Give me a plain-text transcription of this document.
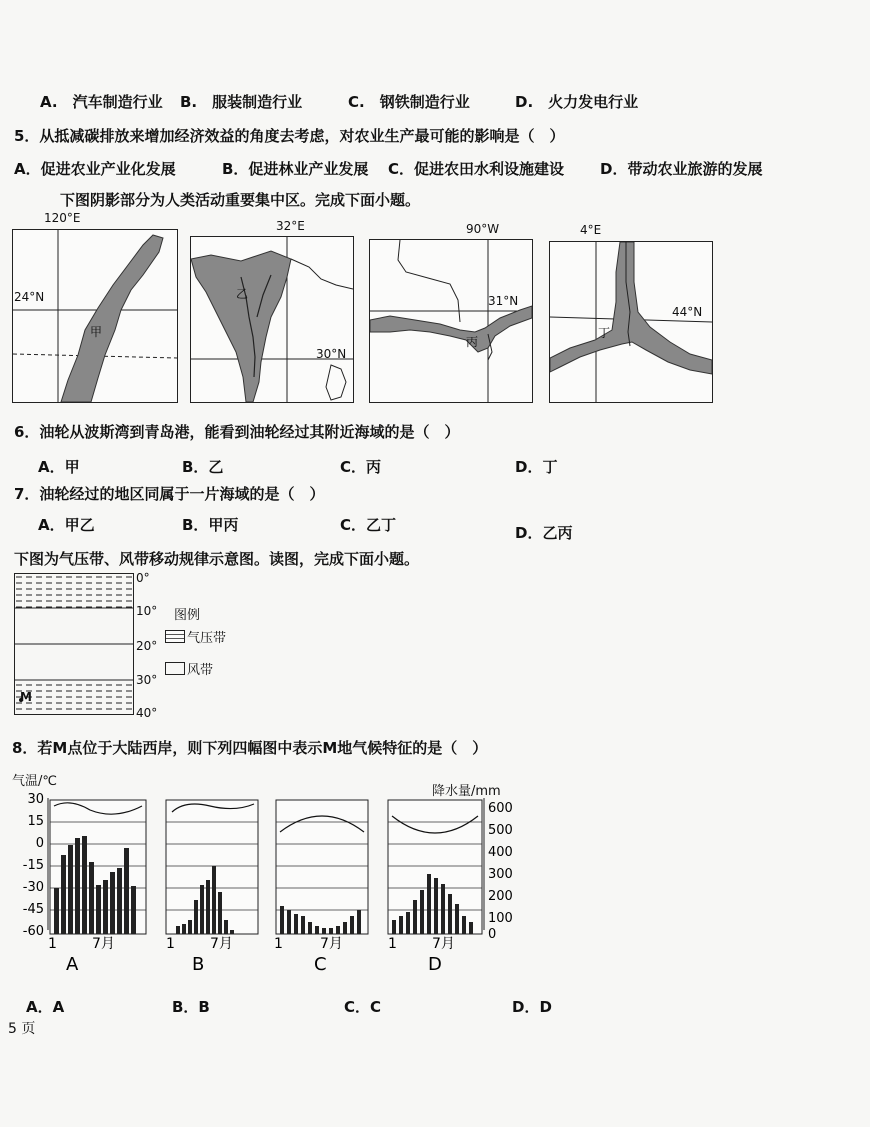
A.　汽车制造行业 B.　服装制造行业	C.　钢铁制造行业	D.　火力发电行业
5．从抵减碳排放来增加经济效益的角度去考虑，对农业生产最可能的影响是（　）
A．促进农业产业化发展	B．促进林业产业发展 C．促进农田水利设施建设 D．带动农业旅游的发展
下图阴影部分为人类活动重要集中区。完成下面小题。
120°E
24°N
甲
32°E
乙
30°N
90°W
31°N
丙
4°E
44°N
丁
6．油轮从波斯湾到青岛港，能看到油轮经过其附近海域的是（　）
A．甲	B．乙	C．丙	D．丁
7．油轮经过的地区同属于一片海域的是（　）
A．甲乙	B．甲丙	C．乙丁	D．乙丙
下图为气压带、风带移动规律示意图。读图，完成下面小题。
M
0°
10°
20°
30°
40°
图例
气压带
风带
8．若M点位于大陆西岸，则下列四幅图中表示M地气候特征的是（　）
气温/℃
降水量/mm
30
15
0
-15
-30
-45
-60
600
500
400
300
200
100
0
1	7月
A
1	7月
B
1	7月
C
1	7月
D
A．A	B．B	C．C	D．D
5 页
